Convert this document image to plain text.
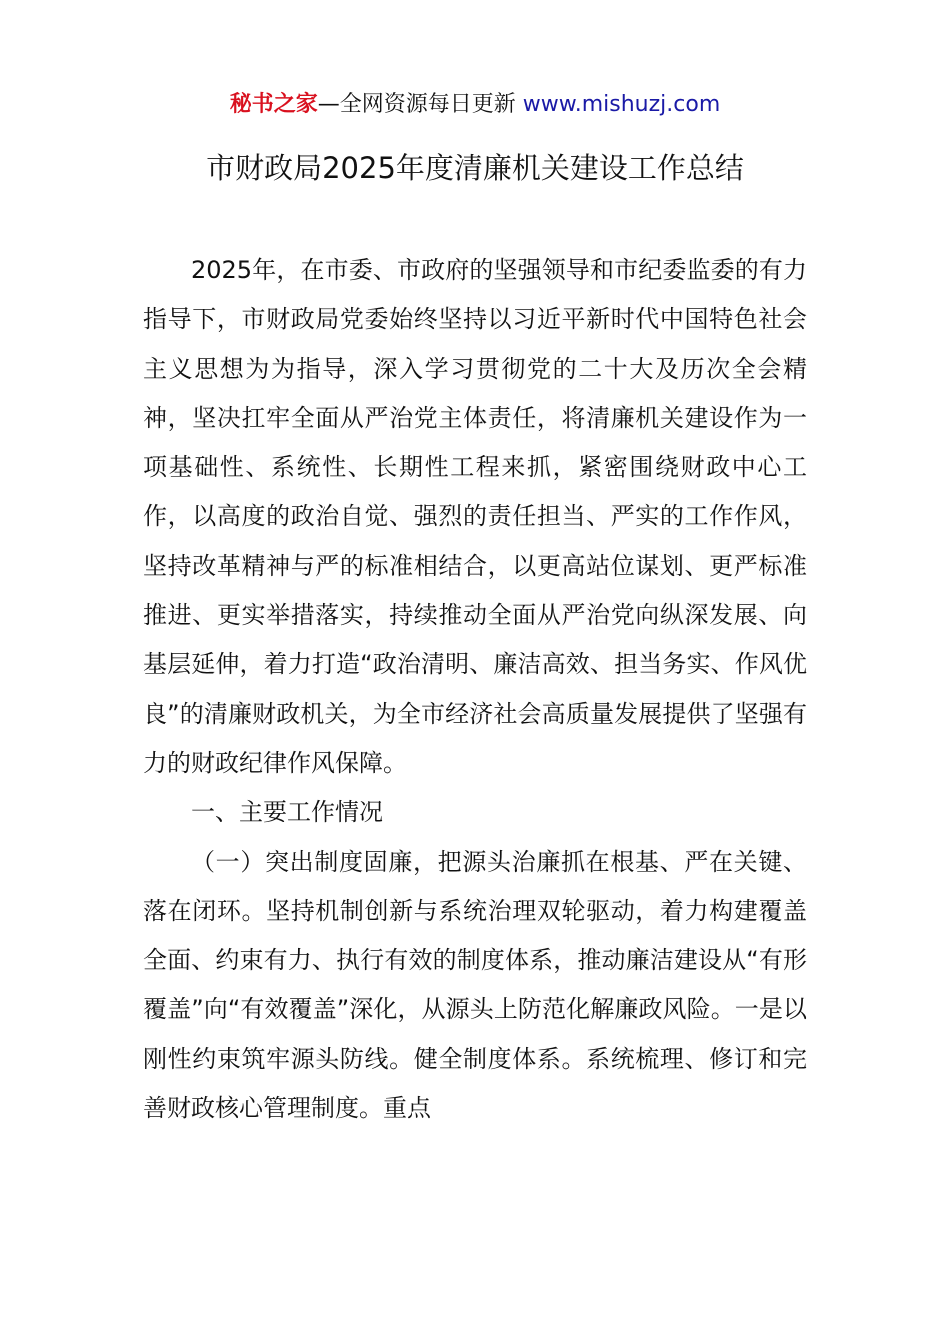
秘书之家—全网资源每日更新 www.mishuzj.com
市财政局2025年度清廉机关建设工作总结

2025年，在市委、市政府的坚强领导和市纪委监委的有力指导下，市财政局党委始终坚持以习近平新时代中国特色社会主义思想为为指导，深入学习贯彻党的二十大及历次全会精神，坚决扛牢全面从严治党主体责任，将清廉机关建设作为一项基础性、系统性、长期性工程来抓，紧密围绕财政中心工作，以高度的政治自觉、强烈的责任担当、严实的工作作风，坚持改革精神与严的标准相结合，以更高站位谋划、更严标准推进、更实举措落实，持续推动全面从严治党向纵深发展、向基层延伸，着力打造“政治清明、廉洁高效、担当务实、作风优良”的清廉财政机关，为全市经济社会高质量发展提供了坚强有力的财政纪律作风保障。

一、主要工作情况

（一）突出制度固廉，把源头治廉抓在根基、严在关键、落在闭环。坚持机制创新与系统治理双轮驱动，着力构建覆盖全面、约束有力、执行有效的制度体系，推动廉洁建设从“有形覆盖”向“有效覆盖”深化，从源头上防范化解廉政风险。一是以刚性约束筑牢源头防线。健全制度体系。系统梳理、修订和完善财政核心管理制度。重点
